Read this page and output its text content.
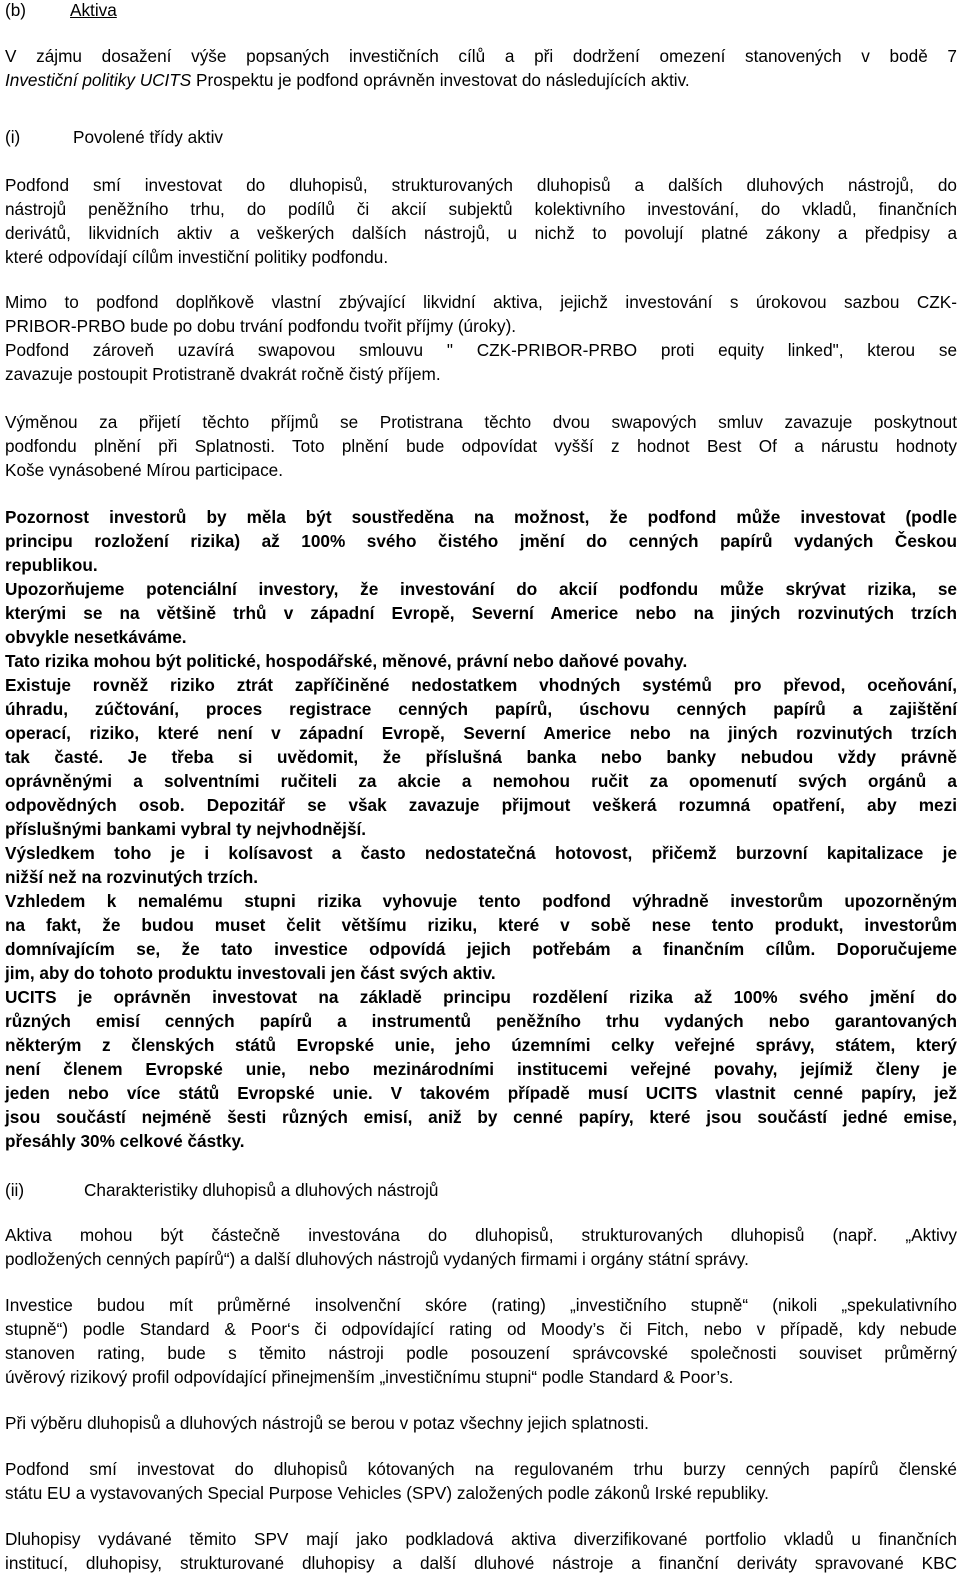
(b)	Aktiva

V zájmu dosažení výše popsaných investičních cílů a při dodržení omezení stanovených v bodě 7

Investiční politiky UCITS Prospektu je podfond oprávněn investovat do následujících aktiv.

(i)	Povolené třídy aktiv

Podfond smí investovat do dluhopisů, strukturovaných dluhopisů a dalších dluhových nástrojů, do

nástrojů peněžního trhu, do podílů či akcií subjektů kolektivního investování, do vkladů, finančních

derivátů, likvidních aktiv a veškerých dalších nástrojů, u nichž to povolují platné zákony a předpisy a

které odpovídají cílům investiční politiky podfondu.

Mimo to podfond doplňkově vlastní zbývající likvidní aktiva, jejichž investování s úrokovou sazbou CZK-

PRIBOR-PRBO bude po dobu trvání podfondu tvořit příjmy (úroky).

Podfond zároveň uzavírá swapovou smlouvu " CZK-PRIBOR-PRBO proti equity linked", kterou se

zavazuje postoupit Protistraně dvakrát ročně čistý příjem.

Výměnou za přijetí těchto příjmů se Protistrana těchto dvou swapových smluv zavazuje poskytnout

podfondu plnění při Splatnosti. Toto plnění bude odpovídat vyšší z hodnot Best Of a nárustu hodnoty

Koše vynásobené Mírou participace.

Pozornost investorů by měla být soustředěna na možnost, že podfond může investovat (podle

principu rozložení rizika) až 100% svého čistého jmění do cenných papírů vydaných Českou

republikou.

Upozorňujeme potenciální investory, že investování do akcií podfondu může skrývat rizika, se

kterými se na většině trhů v západní Evropě, Severní Americe nebo na jiných rozvinutých trzích

obvykle nesetkáváme.

Tato rizika mohou být politické, hospodářské, měnové, právní nebo daňové povahy.

Existuje rovněž riziko ztrát zapříčiněné nedostatkem vhodných systémů pro převod, oceňování,

úhradu, zúčtování, proces registrace cenných papírů, úschovu cenných papírů a zajištění

operací, riziko, které není v západní Evropě, Severní Americe nebo na jiných rozvinutých trzích

tak časté. Je třeba si uvědomit, že příslušná banka nebo banky nebudou vždy právně

oprávněnými a solventními ručiteli za akcie a nemohou ručit za opomenutí svých orgánů a

odpovědných osob. Depozitář se však zavazuje přijmout veškerá rozumná opatření, aby mezi

příslušnými bankami vybral ty nejvhodnější.

Výsledkem toho je i kolísavost a často nedostatečná hotovost, přičemž burzovní kapitalizace je

nižší než na rozvinutých trzích.

Vzhledem k nemalému stupni rizika vyhovuje tento podfond výhradně investorům upozorněným

na fakt, že budou muset čelit většímu riziku, které v sobě nese tento produkt, investorům

domnívajícím se, že tato investice odpovídá jejich potřebám a finančním cílům. Doporučujeme

jim, aby do tohoto produktu investovali jen část svých aktiv.

UCITS je oprávněn investovat na základě principu rozdělení rizika až 100% svého jmění do

různých emisí cenných papírů a instrumentů peněžního trhu vydaných nebo garantovaných

některým z členských států Evropské unie, jeho územními celky veřejné správy, státem, který

není členem Evropské unie, nebo mezinárodními institucemi veřejné povahy, jejímiž členy je

jeden nebo více států Evropské unie. V takovém případě musí UCITS vlastnit cenné papíry, jež

jsou součástí nejméně šesti různých emisí, aniž by cenné papíry, které jsou součástí jedné emise,

přesáhly 30% celkové částky.

(ii)	Charakteristiky dluhopisů a dluhových nástrojů

Aktiva mohou být částečně investována do dluhopisů, strukturovaných dluhopisů (např. „Aktivy

podložených cenných papírů“) a další dluhových nástrojů vydaných firmami i orgány státní správy.

Investice budou mít průměrné insolvenční skóre (rating) „investičního stupně“ (nikoli „spekulativního

stupně“) podle Standard & Poor‘s či odpovídající rating od Moody’s či Fitch, nebo v případě, kdy nebude

stanoven rating, bude s těmito nástroji podle posouzení správcovské společnosti souviset průměrný

úvěrový rizikový profil odpovídající přinejmenším „investičnímu stupni“ podle Standard & Poor’s.

Při výběru dluhopisů a dluhových nástrojů se berou v potaz všechny jejich splatnosti.

Podfond smí investovat do dluhopisů kótovaných na regulovaném trhu burzy cenných papírů členské

státu EU a vystavovaných Special Purpose Vehicles (SPV) založených podle zákonů Irské republiky.

Dluhopisy vydávané těmito SPV mají jako podkladová aktiva diverzifikované portfolio vkladů u finančních

institucí, dluhopisy, strukturované dluhopisy a další dluhové nástroje a finanční deriváty spravované KBC
